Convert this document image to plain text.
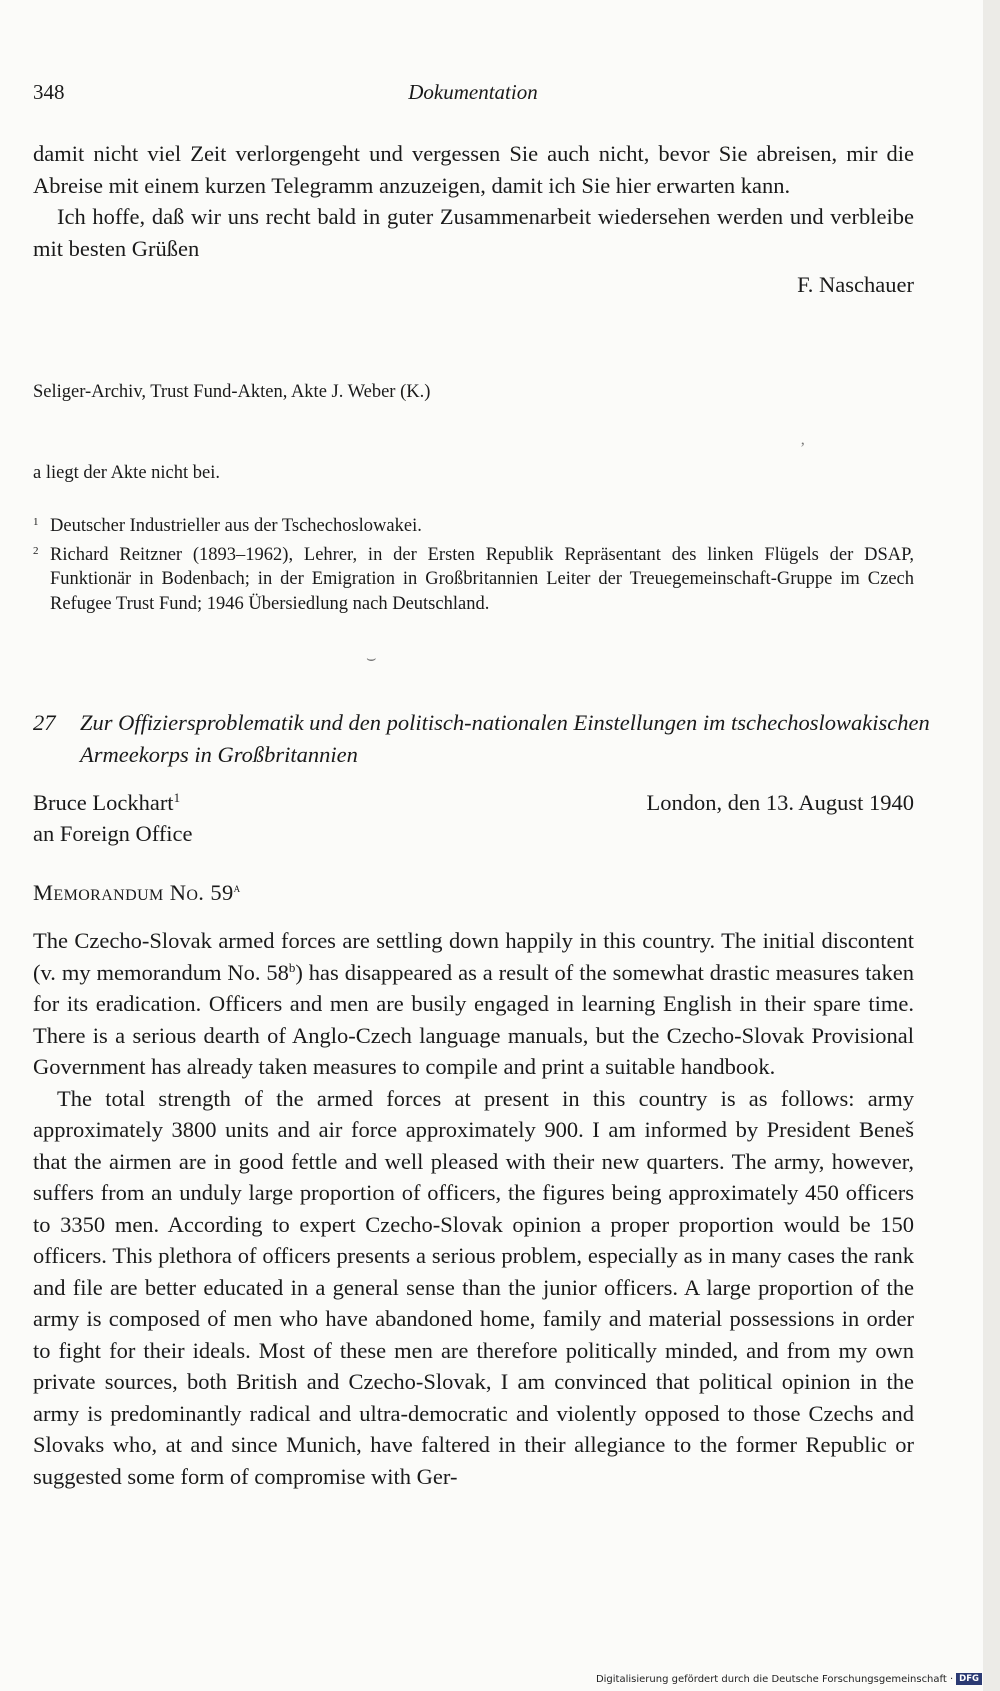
348	Dokumentation

damit nicht viel Zeit verlorgengeht und vergessen Sie auch nicht, bevor Sie abreisen, mir die Abreise mit einem kurzen Telegramm anzuzeigen, damit ich Sie hier erwarten kann.

Ich hoffe, daß wir uns recht bald in guter Zusammenarbeit wiedersehen werden und verbleibe mit besten Grüßen

F. Naschauer

Seliger-Archiv, Trust Fund-Akten, Akte J. Weber (K.)
’
a liegt der Akte nicht bei.

$^1$ Deutscher Industrieller aus der Tschechoslowakei.

$^2$ Richard Reitzner (1893–1962), Lehrer, in der Ersten Republik Repräsentant des linken Flügels der DSAP, Funktionär in Bodenbach; in der Emigration in Großbritannien Leiter der Treuegemeinschaft-Gruppe im Czech Refugee Trust Fund; 1946 Übersiedlung nach Deutschland.

⌣
27 Zur Offiziersproblematik und den politisch-nationalen Einstellungen im tschechoslowakischen Armeekorps in Großbritannien
Bruce Lockhart$^1$
an Foreign Office
London, den 13. August 1940
Memorandum No. 59$^a$

The Czecho-Slovak armed forces are settling down happily in this country. The initial discontent (v. my memorandum No. 58$^b$) has disappeared as a result of the somewhat drastic measures taken for its eradication. Officers and men are busily engaged in learning English in their spare time. There is a serious dearth of Anglo-Czech language manuals, but the Czecho-Slovak Provisional Government has already taken measures to compile and print a suitable handbook.

The total strength of the armed forces at present in this country is as follows: army approximately 3800 units and air force approximately 900. I am informed by President Beneš that the airmen are in good fettle and well pleased with their new quarters. The army, however, suffers from an unduly large proportion of officers, the figures being approximately 450 officers to 3350 men. According to expert Czecho-Slovak opinion a proper proportion would be 150 officers. This plethora of officers presents a serious problem, especially as in many cases the rank and file are better educated in a general sense than the junior officers. A large proportion of the army is composed of men who have abandoned home, family and material possessions in order to fight for their ideals. Most of these men are therefore politically minded, and from my own private sources, both British and Czecho-Slovak, I am convinced that political opinion in the army is predominantly radical and ultra-democratic and violently opposed to those Czechs and Slovaks who, at and since Munich, have faltered in their allegiance to the former Republic or suggested some form of compromise with Ger-

Digitalisierung gefördert durch die Deutsche Forschungsgemeinschaft · DFG
